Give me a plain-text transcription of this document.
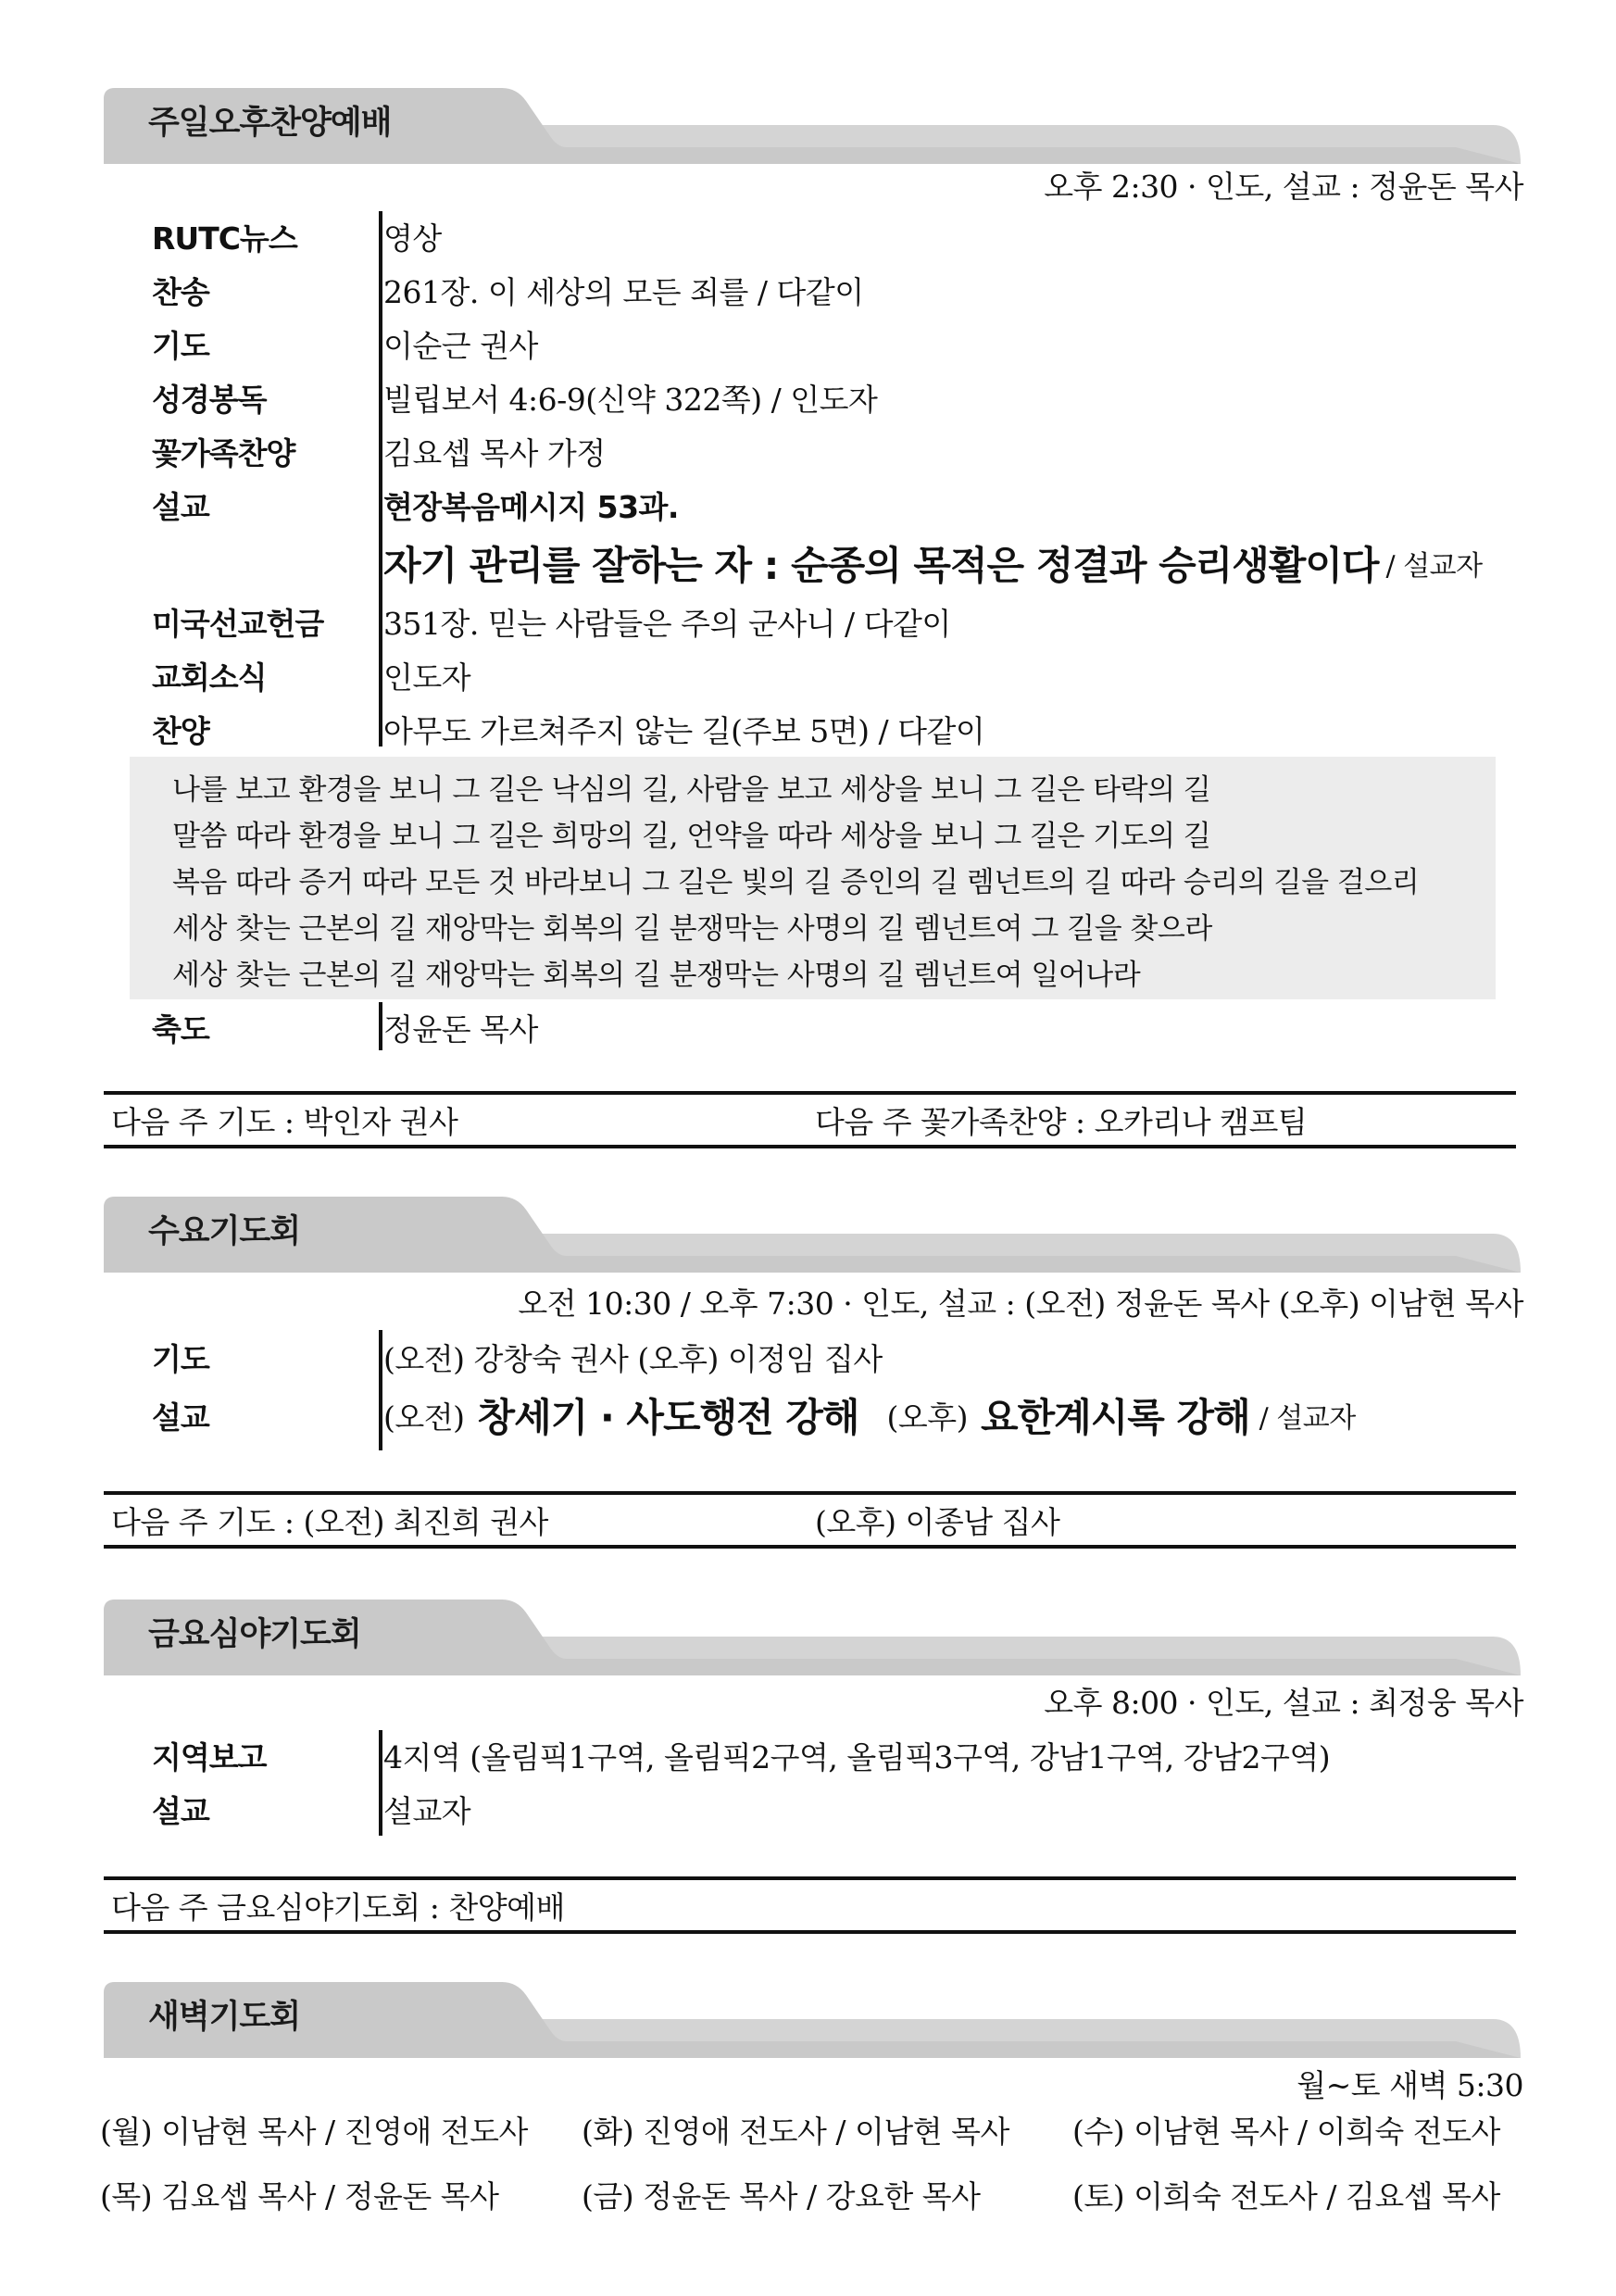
주일오후찬양예배
오후 2:30 · 인도, 설교 : 정윤돈 목사
RUTC뉴스	영상
찬송	261장. 이 세상의 모든 죄를 / 다같이
기도	이순근 권사
성경봉독	빌립보서 4:6-9(신약 322쪽) / 인도자
꽃가족찬양	김요셉 목사 가정
설교	현장복음메시지 53과.
자기 관리를 잘하는 자 : 순종의 목적은 정결과 승리생활이다 / 설교자
미국선교헌금	351장. 믿는 사람들은 주의 군사니 / 다같이
교회소식	인도자
찬양	아무도 가르쳐주지 않는 길(주보 5면) / 다같이
나를 보고 환경을 보니 그 길은 낙심의 길, 사람을 보고 세상을 보니 그 길은 타락의 길
말씀 따라 환경을 보니 그 길은 희망의 길, 언약을 따라 세상을 보니 그 길은 기도의 길
복음 따라 증거 따라 모든 것 바라보니 그 길은 빛의 길 증인의 길 렘넌트의 길 따라 승리의 길을 걸으리
세상 찾는 근본의 길 재앙막는 회복의 길 분쟁막는 사명의 길 렘넌트여 그 길을 찾으라
세상 찾는 근본의 길 재앙막는 회복의 길 분쟁막는 사명의 길 렘넌트여 일어나라
축도	정윤돈 목사
다음 주 기도 : 박인자 권사	다음 주 꽃가족찬양 : 오카리나 캠프팀
수요기도회
오전 10:30 / 오후 7:30 · 인도, 설교 : (오전) 정윤돈 목사 (오후) 이남현 목사
기도	(오전) 강창숙 권사 (오후) 이정임 집사
설교	(오전) 창세기 · 사도행전 강해 (오후) 요한계시록 강해 / 설교자
다음 주 기도 : (오전) 최진희 권사	(오후) 이종남 집사
금요심야기도회
오후 8:00 · 인도, 설교 : 최정웅 목사
지역보고	4지역 (올림픽1구역, 올림픽2구역, 올림픽3구역, 강남1구역, 강남2구역)
설교	설교자
다음 주 금요심야기도회 : 찬양예배
새벽기도회
월~토 새벽 5:30
(월) 이남현 목사 / 진영애 전도사 (화) 진영애 전도사 / 이남현 목사 (수) 이남현 목사 / 이희숙 전도사
(목) 김요셉 목사 / 정윤돈 목사	(금) 정윤돈 목사 / 강요한 목사	(토) 이희숙 전도사 / 김요셉 목사
